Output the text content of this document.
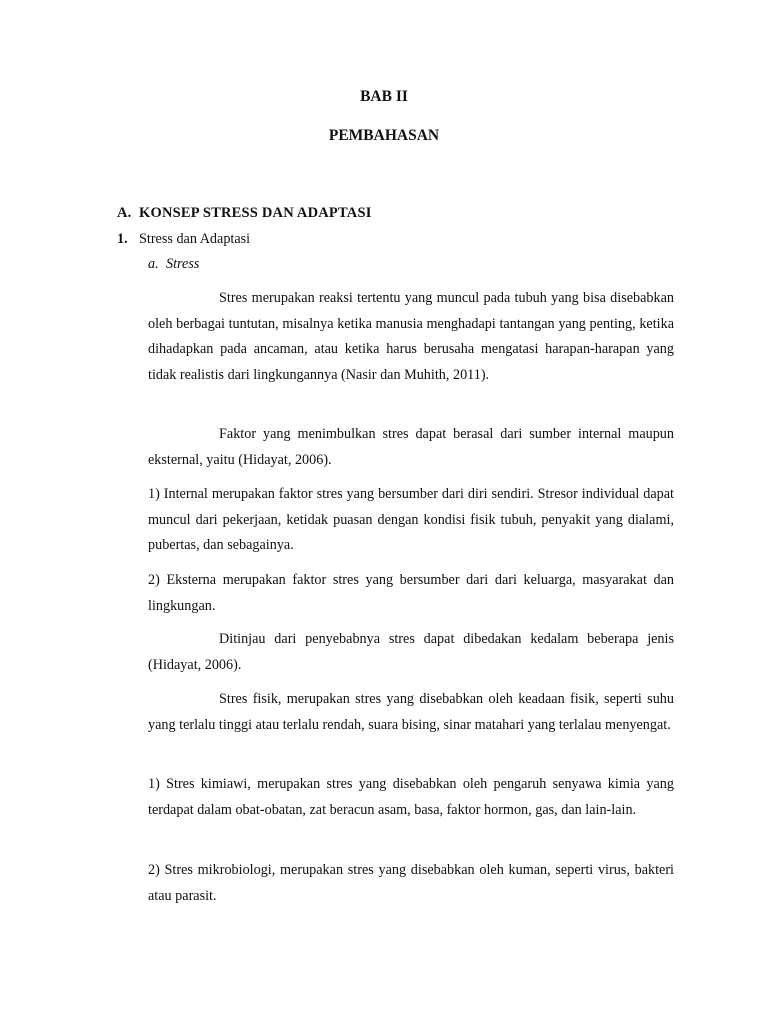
BAB II
PEMBAHASAN
A. KONSEP STRESS DAN ADAPTASI
1. Stress dan Adaptasi
a. Stress

Stres merupakan reaksi tertentu yang muncul pada tubuh yang bisa disebabkan oleh berbagai tuntutan, misalnya ketika manusia menghadapi tantangan yang penting, ketika dihadapkan pada ancaman, atau ketika harus berusaha mengatasi harapan-harapan yang tidak realistis dari lingkungannya (Nasir dan Muhith, 2011).

Faktor yang menimbulkan stres dapat berasal dari sumber internal maupun eksternal, yaitu (Hidayat, 2006).

1) Internal merupakan faktor stres yang bersumber dari diri sendiri. Stresor individual dapat muncul dari pekerjaan, ketidak puasan dengan kondisi fisik tubuh, penyakit yang dialami, pubertas, dan sebagainya.

2) Eksterna merupakan faktor stres yang bersumber dari dari keluarga, masyarakat dan lingkungan.

Ditinjau dari penyebabnya stres dapat dibedakan kedalam beberapa jenis (Hidayat, 2006).

Stres fisik, merupakan stres yang disebabkan oleh keadaan fisik, seperti suhu yang terlalu tinggi atau terlalu rendah, suara bising, sinar matahari yang terlalau menyengat.

1) Stres kimiawi, merupakan stres yang disebabkan oleh pengaruh senyawa kimia yang terdapat dalam obat-obatan, zat beracun asam, basa, faktor hormon, gas, dan lain-lain.

2) Stres mikrobiologi, merupakan stres yang disebabkan oleh kuman, seperti virus, bakteri atau parasit.
